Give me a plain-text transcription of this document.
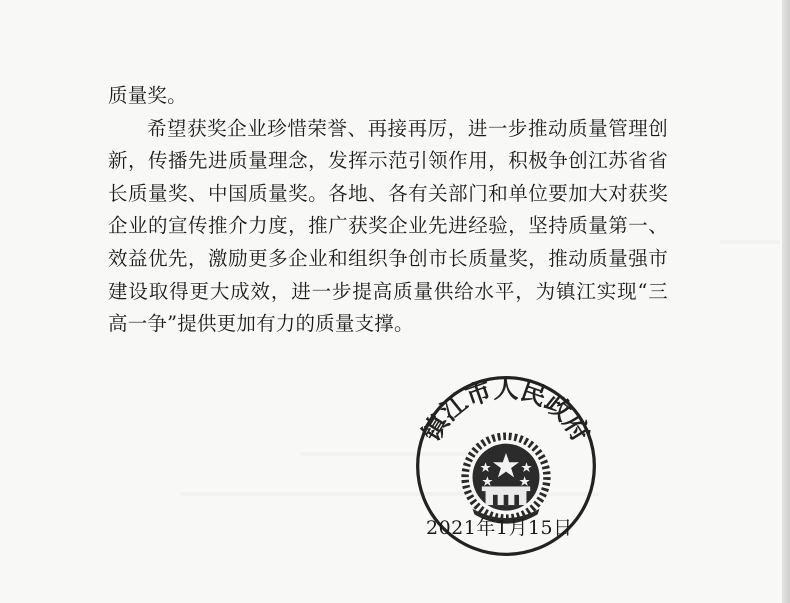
质量奖。

希望获奖企业珍惜荣誉、再接再厉，进一步推动质量管理创新，传播先进质量理念，发挥示范引领作用，积极争创江苏省省长质量奖、中国质量奖。各地、各有关部门和单位要加大对获奖企业的宣传推介力度，推广获奖企业先进经验，坚持质量第一、效益优先，激励更多企业和组织争创市长质量奖，推动质量强市建设取得更大成效，进一步提高质量供给水平，为镇江实现“三高一争”提供更加有力的质量支撑。

镇江市人民政府
2021年1月15日
